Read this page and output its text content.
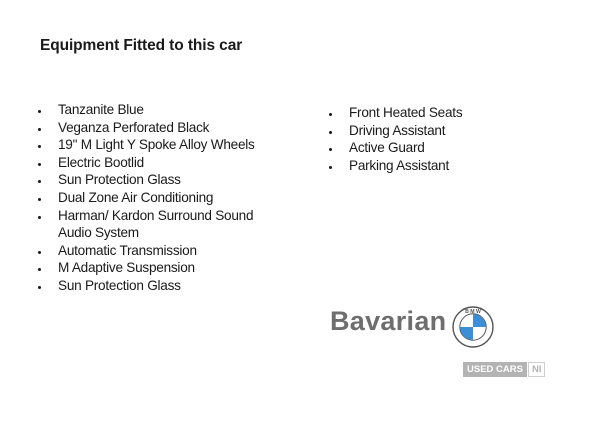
Equipment Fitted to this car
Tanzanite Blue
Veganza Perforated Black
19" M Light Y Spoke Alloy Wheels
Electric Bootlid
Sun Protection Glass
Dual Zone Air Conditioning
Harman/ Kardon Surround Sound Audio System
Automatic Transmission
M Adaptive Suspension
Sun Protection Glass
Front Heated Seats
Driving Assistant
Active Guard
Parking Assistant
Bavarian	B M W
USED CARS NI
